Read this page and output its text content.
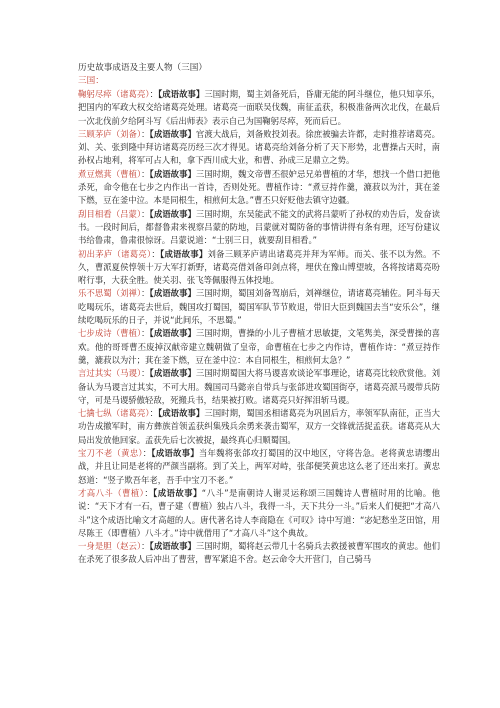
历史故事成语及主要人物（三国）

三国：

鞠躬尽瘁（诸葛亮）：【成语故事】三国时期，蜀主刘备死后，昏庸无能的阿斗继位，他只知享乐，把国内的军政大权交给诸葛亮处理。诸葛亮一面联吴伐魏，南征孟获，积极准备两次北伐，在最后一次北伐前夕给阿斗写《后出师表》表示自己为国鞠躬尽瘁，死而后已。

三顾茅庐（刘备）：【成语故事】官渡大战后，刘备败投刘表。徐庶被骗去许都，走时推荐诸葛亮。刘、关、张到隆中拜访诸葛亮历经三次才得见。诸葛亮给刘备分析了天下形势，北曹操占天时，南孙权占地利，将军可占人和，拿下西川成大业，和曹、孙成三足鼎立之势。

煮豆燃萁（曹植）：【成语故事】三国时期，魏文帝曹丕很妒忌兄弟曹植的才华，想找一个借口把他杀死，命令他在七步之内作出一首诗，否则处死。曹植作诗：“煮豆持作羹，漉菽以为汁，萁在釜下燃，豆在釜中泣。本是同根生，相煎何太急。”曹丕只好贬他去镇守边疆。

刮目相看（吕蒙）：【成语故事】三国时期，东吴能武不能文的武将吕蒙听了孙权的劝告后，发奋读书。一段时间后，都督鲁肃来视察吕蒙的防地，吕蒙就对蜀防备的事情讲得有条有理，还写份建议书给鲁肃，鲁肃很惊讶。吕蒙说道：“士别三日，就要刮目相看。”

初出茅庐（诸葛亮）：【成语故事】刘备三顾茅庐请出诸葛亮并拜为军师。而关、张不以为然。不久，曹派夏侯惇领十万大军打新野，诸葛亮借刘备印剑点将，埋伏在豫山博望坡，各将按诸葛亮吩咐行事，大获全胜。使关羽、张飞等佩服得五体投地。

乐不思蜀（刘禅）：【成语故事】三国时期，蜀国刘备驾崩后，刘禅继位，请诸葛亮辅佐。阿斗每天吃喝玩乐，诸葛亮去世后，魏国攻打蜀国，蜀国军队节节败退，带旧大臣到魏国去当“安乐公”，继续吃喝玩乐的日子，并说“此间乐，不思蜀。”

七步成诗（曹植）：【成语故事】三国时期，曹操的小儿子曹植才思敏捷，文笔隽美，深受曹操的喜欢。他的哥哥曹丕废掉汉献帝建立魏朝做了皇帝，命曹植在七步之内作诗，曹植作诗：“煮豆持作羹，漉菽以为汁；萁在釜下燃，豆在釜中泣：本自同根生，相煎何太急？”

言过其实（马谡）：【成语故事】三国时期蜀国大将马谡喜欢谈论军事理论，诸葛亮比较欣赏他。刘备认为马谡言过其实，不可大用。魏国司马懿亲自带兵与张郃进攻蜀国街亭，诸葛亮派马谡带兵防守，可是马谡骄傲轻敌，死搬兵书，结果被打败。诸葛亮只好挥泪斩马谡。

七擒七纵（诸葛亮）：【成语故事】三国时期，蜀国丞相诸葛亮为巩固后方，率领军队南征，正当大功告成撤军时，南方彝族首领孟获纠集残兵余勇来袭击蜀军，双方一交锋就活捉孟获。诸葛亮从大局出发放他回家。孟获先后七次被捉，最终真心归顺蜀国。

宝刀不老（黄忠）：【成语故事】当年魏将张郃攻打蜀国的汉中地区，守将告急。老将黄忠请缨出战，并且让同是老将的严颜当副将。到了关上，两军对峙，张郃便笑黄忠这么老了还出来打。黄忠怒道：“竖子欺吾年老，吾手中宝刀不老。”

才高八斗（曹植）：【成语故事】“八斗”是南朝诗人谢灵运称颂三国魏诗人曹植时用的比喻。他说：“天下才有一石，曹子建（曹植）独占八斗，我得一斗，天下共分一斗。”后来人们便把“才高八斗”这个成语比喻文才高超的人。唐代著名诗人李商隐在《可叹》诗中写道：“宓妃愁坐芝田馆，用尽陈王（即曹植）八斗才。”诗中就借用了“才高八斗”这个典故。

一身是胆（赵云）：【成语故事】三国时期，蜀将赵云带几十名骑兵去救援被曹军围攻的黄忠。他们在杀死了很多敌人后冲出了曹营，曹军紧追不舍。赵云命令大开营门，自己骑马
